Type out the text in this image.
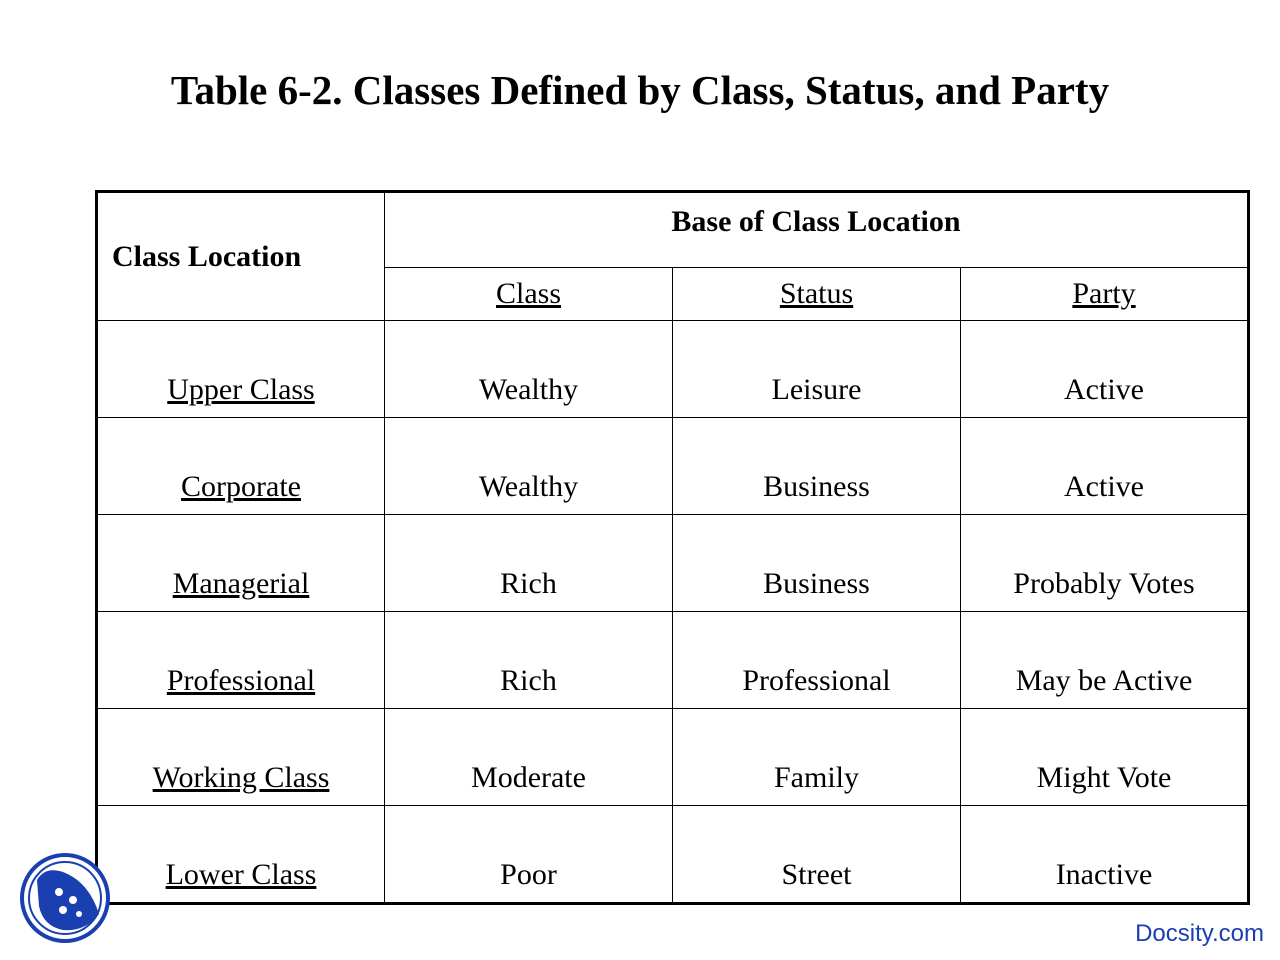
Table 6-2. Classes Defined by Class, Status, and Party
Class Location	Base of Class Location		
	Class	Status	Party
Upper Class	Wealthy	Leisure	Active
Corporate	Wealthy	Business	Active
Managerial	Rich	Business	Probably Votes
Professional	Rich	Professional	May be Active
Working Class	Moderate	Family	Might Vote
Lower Class	Poor	Street	Inactive
Docsity.com
